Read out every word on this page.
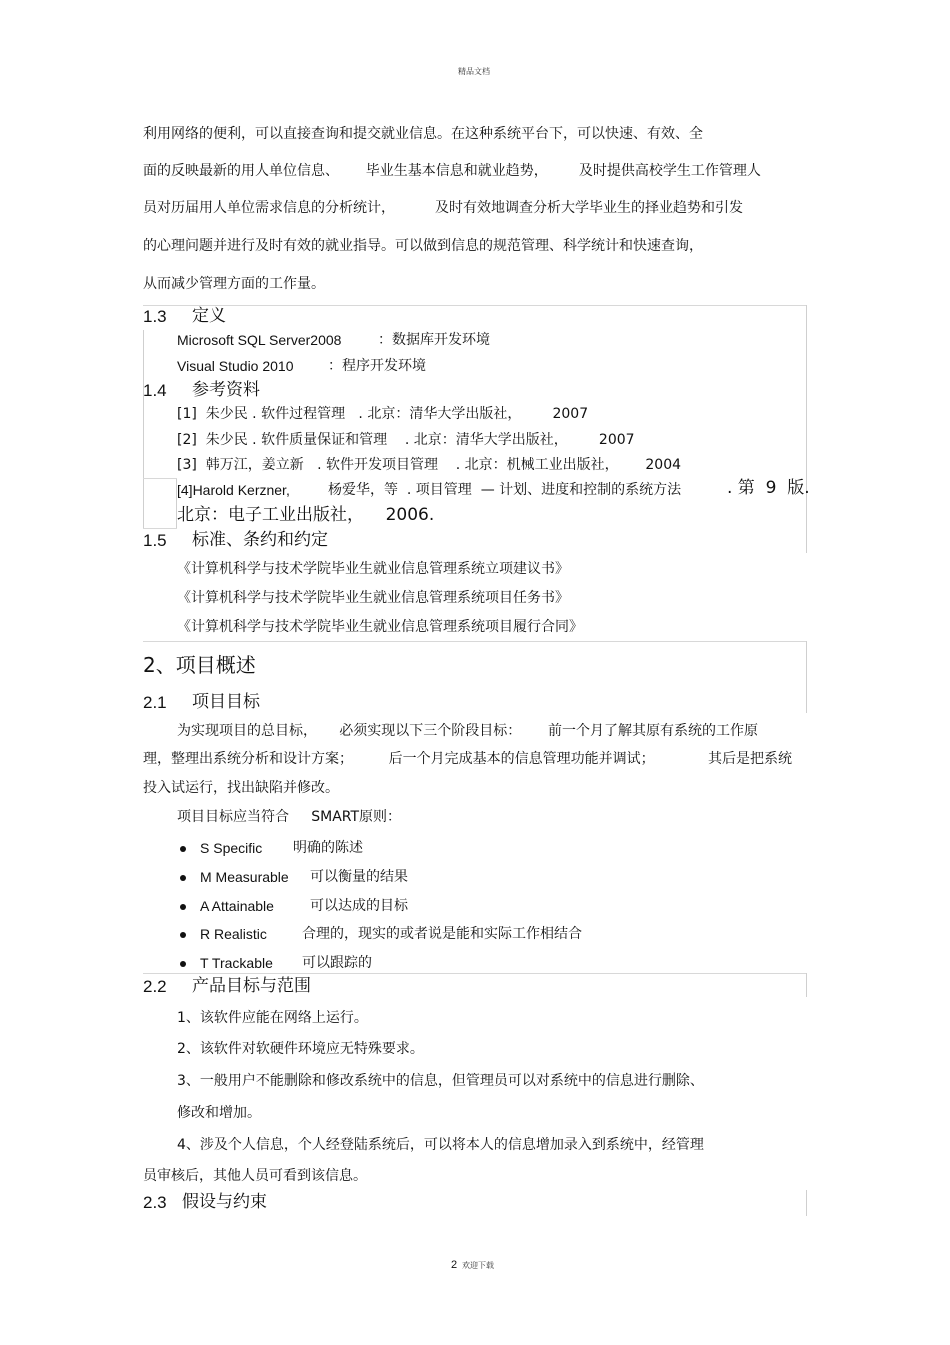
精品文档
利用网络的便利，可以直接查询和提交就业信息。在这种系统平台下，可以快速、有效、全
面的反映最新的用人单位信息、      毕业生基本信息和就业趋势，       及时提供高校学生工作管理人
员对历届用人单位需求信息的分析统计，         及时有效地调查分析大学毕业生的择业趋势和引发
的心理问题并进行及时有效的就业指导。可以做到信息的规范管理、科学统计和快速查询，
从而减少管理方面的工作量。
1.3 定义
Microsoft SQL Server2008	：数据库开发环境
Visual Studio 2010 ：程序开发环境
1.4 参考资料
[1]  朱少民 . 软件过程管理   . 北京：清华大学出版社，       2007
[2]  朱少民 . 软件质量保证和管理    . 北京：清华大学出版社，       2007
[3]  韩万江，姜立新   . 软件开发项目管理    . 北京：机械工业出版社，      2004
[4]Harold Kerzner,	杨爱华，等  . 项目管理  — 计划、进度和控制的系统方法	. 第  9  版.
北京：电子工业出版社，    2006.
1.5 标准、条约和约定
《计算机科学与技术学院毕业生就业信息管理系统立项建议书》
《计算机科学与技术学院毕业生就业信息管理系统项目任务书》
《计算机科学与技术学院毕业生就业信息管理系统项目履行合同》
2、项目概述
2.1 项目目标
为实现项目的总目标，     必须实现以下三个阶段目标：      前一个月了解其原有系统的工作原
理，整理出系统分析和设计方案；        后一个月完成基本的信息管理功能并调试；            其后是把系统
投入试运行，找出缺陷并修改。
项目目标应当符合     SMART原则：
S Specific 明确的陈述
M Measurable 可以衡量的结果
A Attainable	可以达成的目标
R Realistic	合理的，现实的或者说是能和实际工作相结合
T Trackable 可以跟踪的
2.2 产品目标与范围
1、该软件应能在网络上运行。
2、该软件对软硬件环境应无特殊要求。
3、一般用户不能删除和修改系统中的信息，但管理员可以对系统中的信息进行删除、
修改和增加。
4、涉及个人信息，个人经登陆系统后，可以将本人的信息增加录入到系统中，经管理
员审核后，其他人员可看到该信息。
2.3 假设与约束
2 欢迎下载
